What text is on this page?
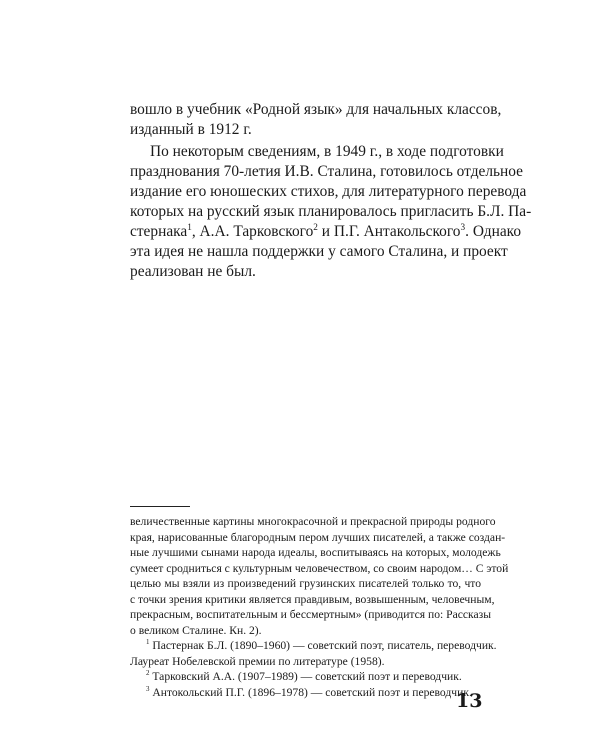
вошло в учебник «Родной язык» для начальных классов,
изданный в 1912 г.

По некоторым сведениям, в 1949 г., в ходе подготовки
празднования 70-летия И.В. Сталина, готовилось отдельное
издание его юношеских стихов, для литературного перевода
которых на русский язык планировалось пригласить Б.Л. Па-
стернака$^1$, А.А. Тарковского$^2$ и П.Г. Антакольского$^3$. Однако
эта идея не нашла поддержки у самого Сталина, и проект
реализован не был.

величественные картины многокрасочной и прекрасной природы родного
края, нарисованные благородным пером лучших писателей, а также создан-
ные лучшими сынами народа идеалы, воспитываясь на которых, молодежь
сумеет сродниться с культурным человечеством, со своим народом… С этой
целью мы взяли из произведений грузинских писателей только то, что
с точки зрения критики является правдивым, возвышенным, человечным,
прекрасным, воспитательным и бессмертным» (приводится по: Рассказы
о великом Сталине. Кн. 2).
$^1$ Пастернак Б.Л. (1890–1960) — советский поэт, писатель, переводчик.
Лауреат Нобелевской премии по литературе (1958).
$^2$ Тарковский А.А. (1907–1989) — советский поэт и переводчик.
$^3$ Антокольский П.Г. (1896–1978) — советский поэт и переводчик.
13
